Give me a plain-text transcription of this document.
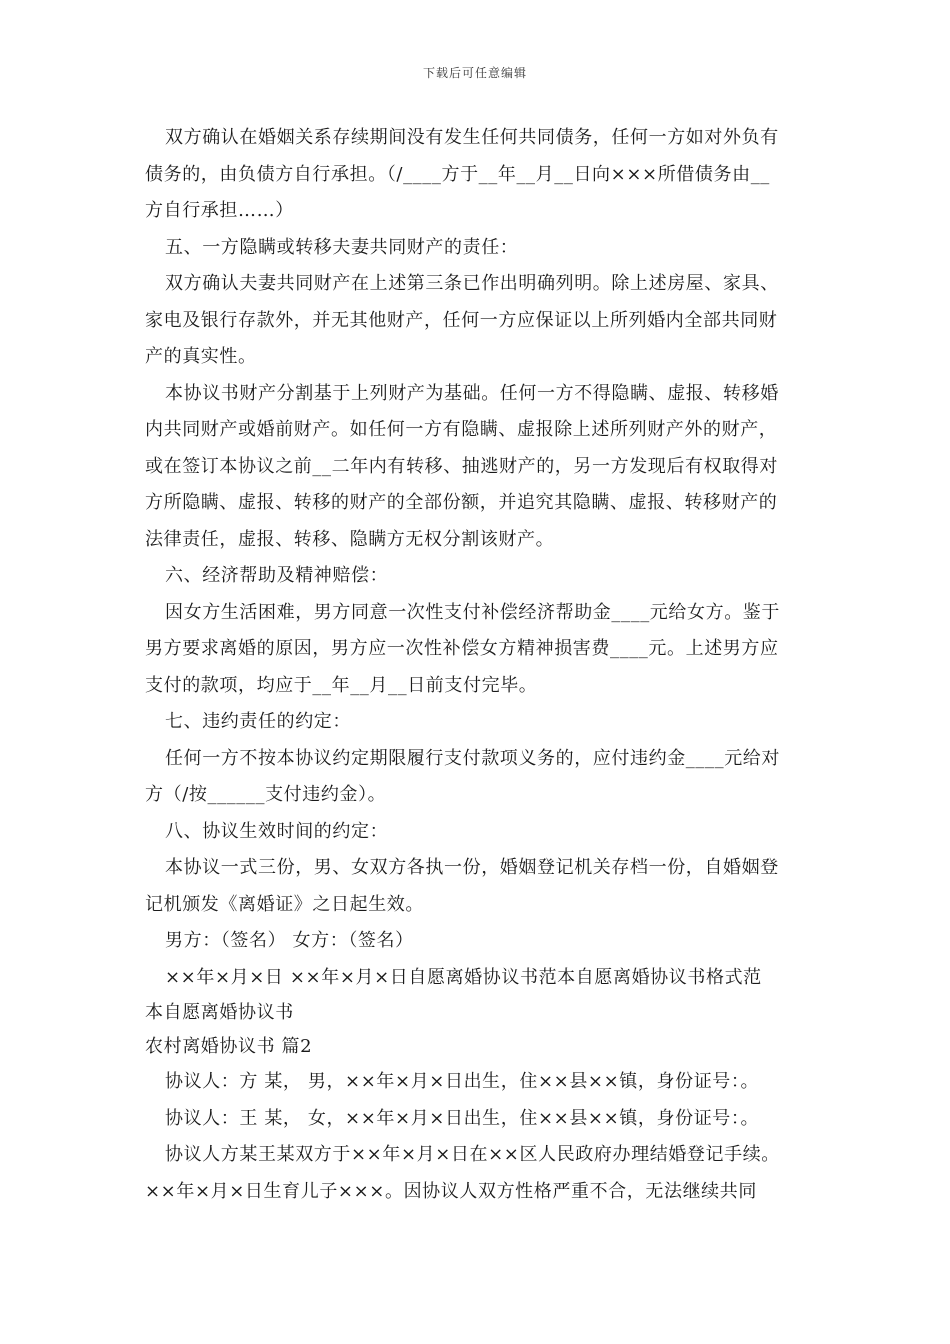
下载后可任意编辑
双方确认在婚姻关系存续期间没有发生任何共同债务，任何一方如对外负有
债务的，由负债方自行承担。（/____方于__年__月__日向×××所借债务由__
方自行承担……）
五、一方隐瞒或转移夫妻共同财产的责任：
双方确认夫妻共同财产在上述第三条已作出明确列明。除上述房屋、家具、
家电及银行存款外，并无其他财产，任何一方应保证以上所列婚内全部共同财
产的真实性。
本协议书财产分割基于上列财产为基础。任何一方不得隐瞒、虚报、转移婚
内共同财产或婚前财产。如任何一方有隐瞒、虚报除上述所列财产外的财产，
或在签订本协议之前__二年内有转移、抽逃财产的，另一方发现后有权取得对
方所隐瞒、虚报、转移的财产的全部份额，并追究其隐瞒、虚报、转移财产的
法律责任，虚报、转移、隐瞒方无权分割该财产。
六、经济帮助及精神赔偿：
因女方生活困难，男方同意一次性支付补偿经济帮助金____元给女方。鉴于
男方要求离婚的原因，男方应一次性补偿女方精神损害费____元。上述男方应
支付的款项，均应于__年__月__日前支付完毕。
七、违约责任的约定：
任何一方不按本协议约定期限履行支付款项义务的，应付违约金____元给对
方（/按______支付违约金）。
八、协议生效时间的约定：
本协议一式三份，男、女双方各执一份，婚姻登记机关存档一份，自婚姻登
记机颁发《离婚证》之日起生效。
男方：（签名） 女方：（签名）
××年×月×日 ××年×月×日自愿离婚协议书范本自愿离婚协议书格式范
本自愿离婚协议书
农村离婚协议书 篇2
协议人：方 某， 男，××年×月×日出生，住××县××镇，身份证号：。
协议人：王 某， 女，××年×月×日出生，住××县××镇，身份证号：。
协议人方某王某双方于××年×月×日在××区人民政府办理结婚登记手续。
××年×月×日生育儿子×××。因协议人双方性格严重不合，无法继续共同
